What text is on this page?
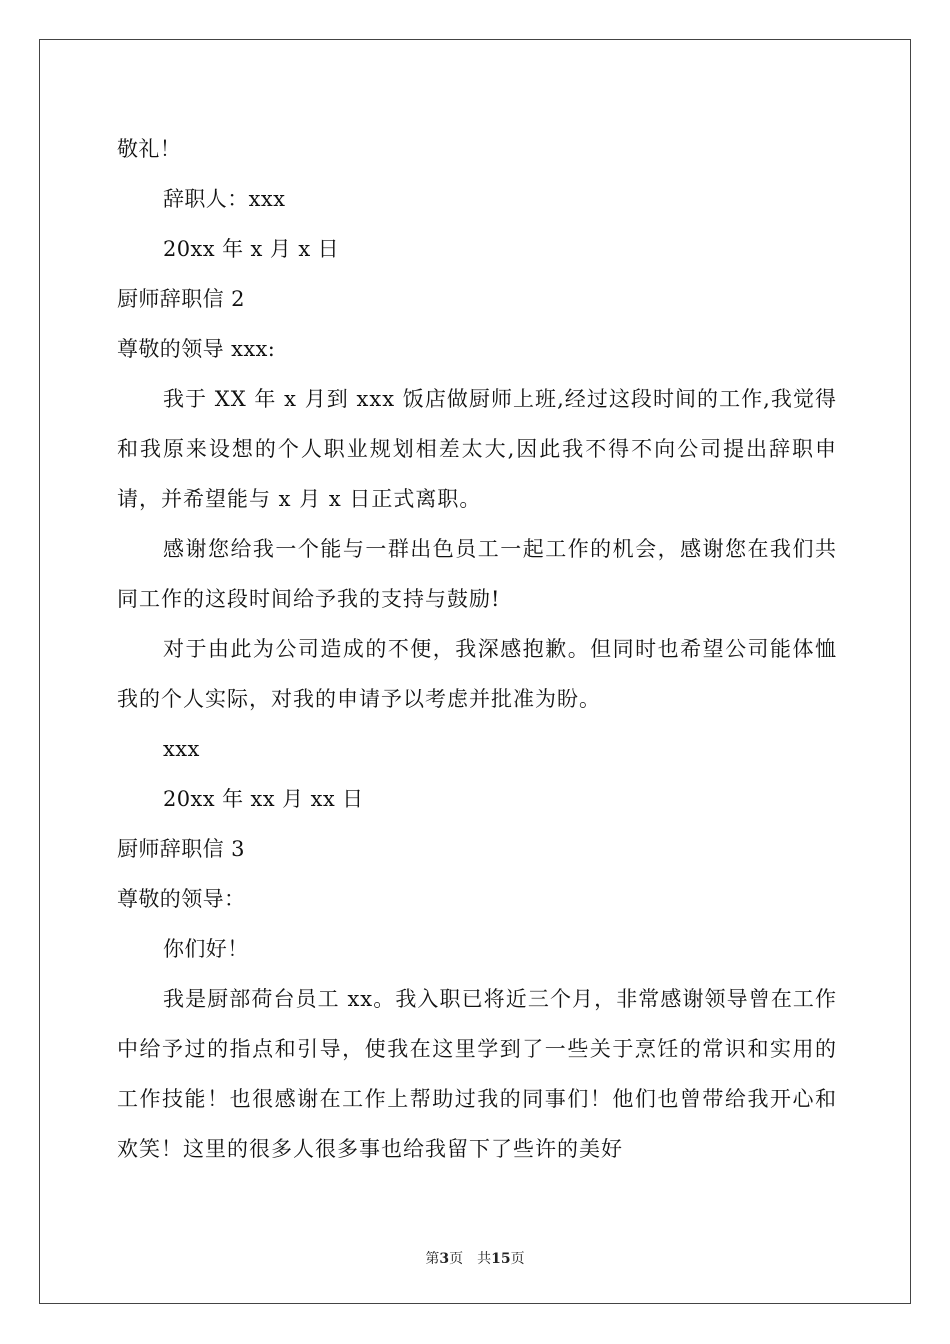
敬礼！
辞职人：xxx
20xx 年 x 月 x 日
厨师辞职信 2
尊敬的领导 xxx:

我于 XX 年 x 月到 xxx 饭店做厨师上班,经过这段时间的工作,我觉得和我原来设想的个人职业规划相差太大,因此我不得不向公司提出辞职申请，并希望能与 x 月 x 日正式离职。

感谢您给我一个能与一群出色员工一起工作的机会，感谢您在我们共同工作的这段时间给予我的支持与鼓励!

对于由此为公司造成的不便，我深感抱歉。但同时也希望公司能体恤我的个人实际，对我的申请予以考虑并批准为盼。

xxx
20xx 年 xx 月 xx 日
厨师辞职信 3
尊敬的领导：
你们好！

我是厨部荷台员工 xx。我入职已将近三个月，非常感谢领导曾在工作中给予过的指点和引导，使我在这里学到了一些关于烹饪的常识和实用的工作技能！也很感谢在工作上帮助过我的同事们！他们也曾带给我开心和欢笑！这里的很多人很多事也给我留下了些许的美好

第3页 共15页
